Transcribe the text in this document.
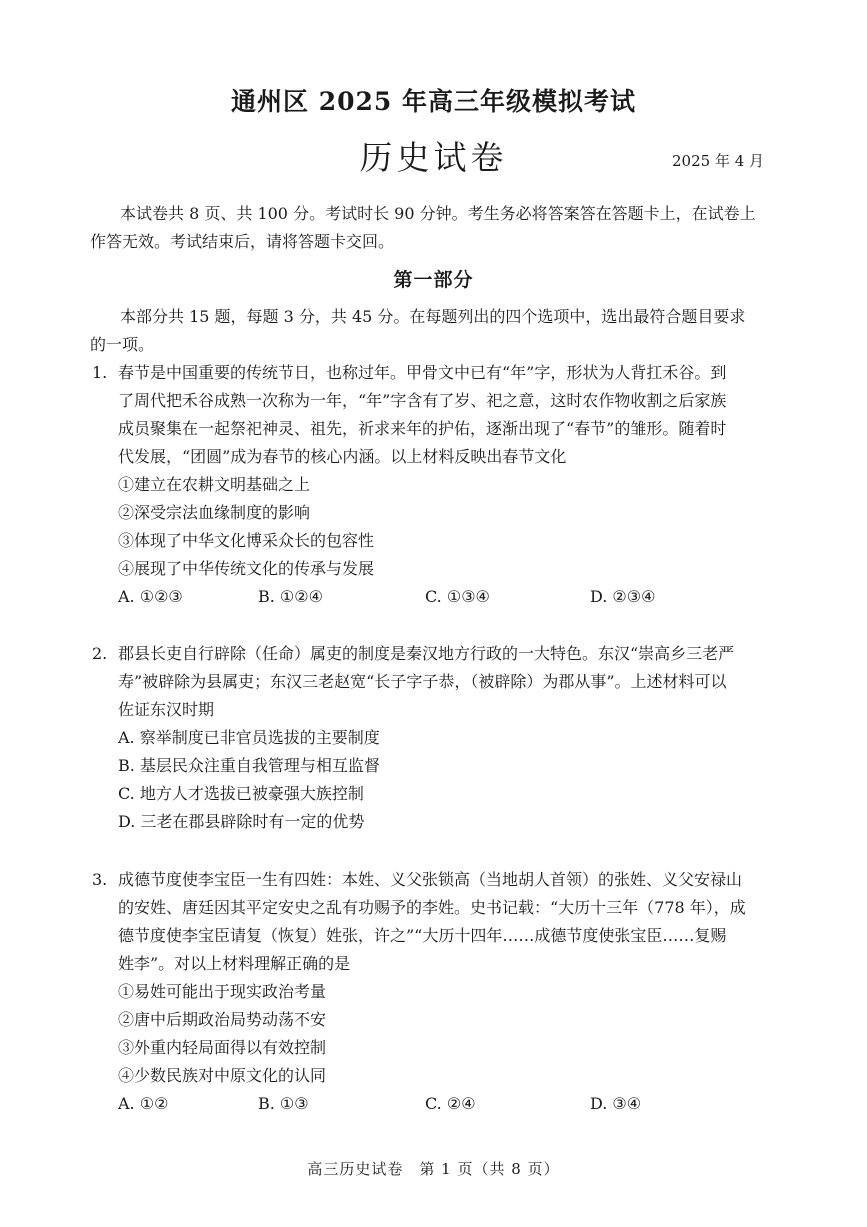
通州区 2025 年高三年级模拟考试
历史试卷	2025 年 4 月
本试卷共 8 页、共 100 分。考试时长 90 分钟。考生务必将答案答在答题卡上，在试卷上
作答无效。考试结束后，请将答题卡交回。
第一部分
本部分共 15 题，每题 3 分，共 45 分。在每题列出的四个选项中，选出最符合题目要求
的一项。
1. 春节是中国重要的传统节日，也称过年。甲骨文中已有“年”字，形状为人背扛禾谷。到
了周代把禾谷成熟一次称为一年，“年”字含有了岁、祀之意，这时农作物收割之后家族
成员聚集在一起祭祀神灵、祖先，祈求来年的护佑，逐渐出现了“春节”的雏形。随着时
代发展，“团圆”成为春节的核心内涵。以上材料反映出春节文化
①建立在农耕文明基础之上
②深受宗法血缘制度的影响
③体现了中华文化博采众长的包容性
④展现了中华传统文化的传承与发展
A. ①②③	B. ①②④	C. ①③④	D. ②③④
2. 郡县长吏自行辟除（任命）属吏的制度是秦汉地方行政的一大特色。东汉“崇高乡三老严
寿”被辟除为县属吏；东汉三老赵宽“长子字子恭，（被辟除）为郡从事”。上述材料可以
佐证东汉时期
A. 察举制度已非官员选拔的主要制度
B. 基层民众注重自我管理与相互监督
C. 地方人才选拔已被豪强大族控制
D. 三老在郡县辟除时有一定的优势
3. 成德节度使李宝臣一生有四姓：本姓、义父张锁高（当地胡人首领）的张姓、义父安禄山
的安姓、唐廷因其平定安史之乱有功赐予的李姓。史书记载：“大历十三年（778 年），成
德节度使李宝臣请复（恢复）姓张，许之”“大历十四年……成德节度使张宝臣……复赐
姓李”。对以上材料理解正确的是
①易姓可能出于现实政治考量
②唐中后期政治局势动荡不安
③外重内轻局面得以有效控制
④少数民族对中原文化的认同
A. ①②	B. ①③	C. ②④	D. ③④
高三历史试卷　第 1 页（共 8 页）
